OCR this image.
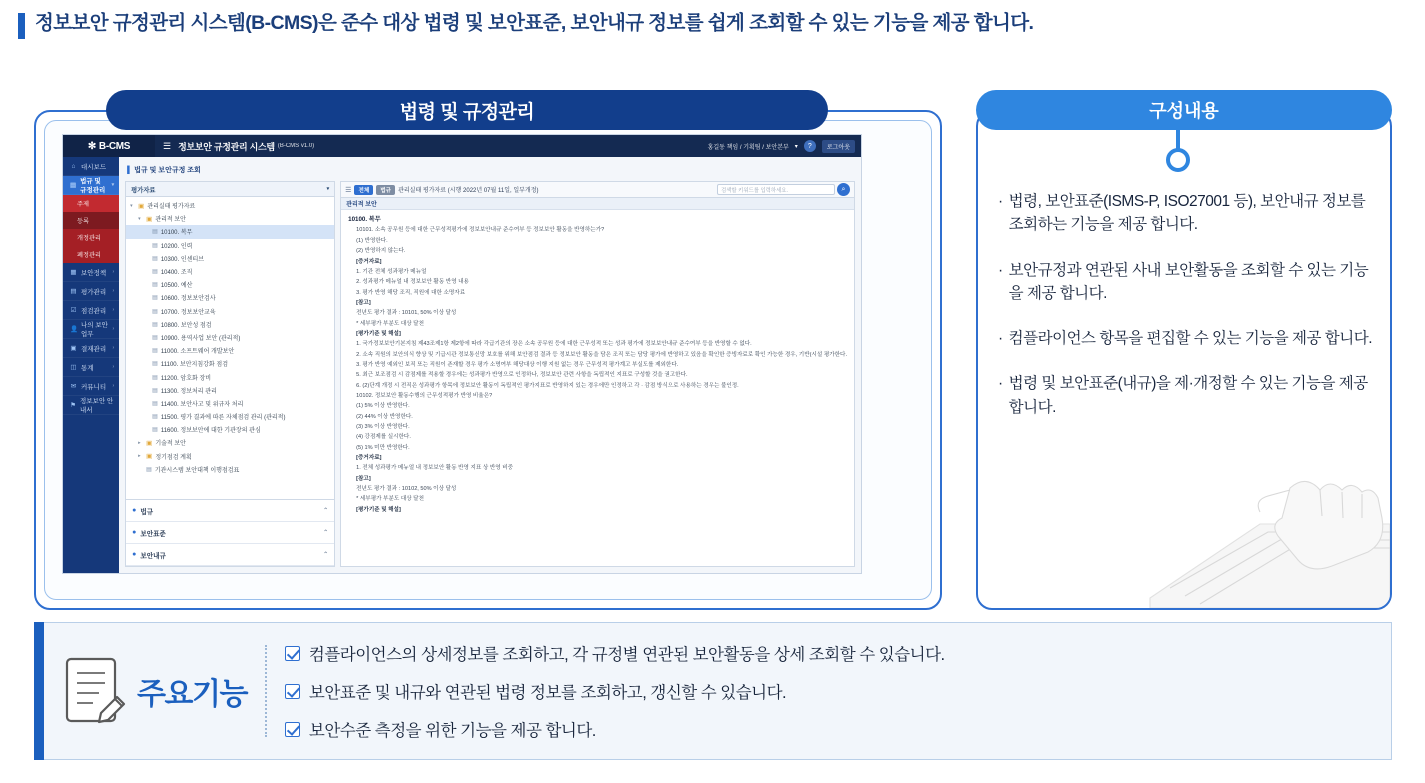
정보보안 규정관리 시스템(B-CMS)은 준수 대상 법령 및 보안표준, 보안내규 정보를 쉽게 조회할 수 있는 기능을 제공 합니다.
법령 및 규정관리
✻ B-CMS	☰ 정보보안 규정관리 시스템 (B-CMS v1.0)	홍길동 책임 / 기획팀 / 보안본부 ▾	?	로그아웃
⌂ 대시보드
▤
법규 및 규정관리
▾
주제
등록
개정관리
폐정관리
▦ 보안정책 ›
▤ 평가관리 ›
☑ 점검관리 ›
👤
나의 보안업무
›
▣ 결재관리 ›
◫ 통계	›
✉ 커뮤니티 ›
⚑
정보보안 안내서
▌ 법규 및 보안규정 조회
평가자료	▾
▾ ▣ 관리실태 평가자료
▾ ▣ 관리적 보안
▤ 10100. 복무
▤ 10200. 인력
▤ 10300. 인센티브
▤ 10400. 조직
▤ 10500. 예산
▤ 10600. 정보보안검사
▤ 10700. 정보보안교육
▤ 10800. 보안성 점검
▤ 10900. 용역사업 보안 (관리적)
▤ 11000. 소프트웨어 개발보안
▤ 11100. 보안지침강화 점검
▤ 11200. 암호화 장비
▤ 11300. 정보처리 관리
▤ 11400. 보안사고 및 위규자 처리
▤ 11500. 평가 결과에 따른 자체점검 관리 (관리적)
▤ 11600. 정보보안에 대한 기관장의 관심
▸ ▣ 기술적 보안
▸ ▣ 정기점검 계획
▤ 기관시스템 보안대책 이행점검표
● 법규	⌃
● 보안표준	⌃
● 보안내규	⌃
☰	전체	법규	관리실태 평가자료 (시행 2022년 07월 11일, 일부개정)	검색할 키워드를 입력하세요.	⌕
관리적 보안

10100. 복무

10101. 소속 공무원 등에 대한 근무성적평가에 정보보안내규 준수여부 등 정보보안 활동을 반영하는가?

(1) 반영한다.

(2) 반영하지 않는다.

[증거자료]

1. 기관 전체 성과평가 메뉴얼

2. 성과평가 메뉴얼 내 정보보안 활동 반영 내용

3. 평가 반영 해당 조직, 직원에 대한 소명자료

[참고]

전년도 평가 결과 : 10101, 50% 이상 달성

* 세부평가 부분도 대상 달천

[평가기준 및 해설]

1. 국가정보보안기본지침 제43조제1항 제2항에 따라 각급기관의 장은 소속 공무원 등에 대한 근무성적 또는 성과 평가에 정보보안내규 준수여부 등을 반영할 수 없다.

2. 소속 직원의 보안의식 향상 및 기급시관 정보통신망 보호를 위해 보안점검 결과 등 정보보안 활동을 담은 조직 또는 담당 평가에 반영하고 있음을 확인한 증빙자료로 확인 가능한 경우, 기반(시설 평가한다.

3. 평가 반영 예외인 보직 또는 직원이 존재할 경우 평가 소명여부 해당대상 이행 지원 없는 경우 근무성적 평가계고 부실도를 제외한다.

5. 최근 보조점검 시 감점제를 적용할 경우에는 성과평가 반영으로 인정하나, 정보보안 관련 사항을 독립적인 지표로 구성할 것을 권고한다.

6. (2)단계 개정 시 전직은 성과평가 항목에 정보보안 활동이 독립적인 평가지표로 반영하지 있는 경우에만 인정하고 각 · 감점 방식으로 사용하는 경우는 불인정.

10102. 정보보안 활동수행의 근무성적평가 반영 비율은?

(1) 5% 이상 반영한다.

(2) 44% 이상 반영한다.

(3) 3% 이상 반영한다.

(4) 강점제를 실시한다.

(5) 1% 미만 반영한다.

[증거자료]

1. 전체 성과평가 메뉴얼 내 정보보안 활동 반영 지표 상 반영 비중

[참고]

전년도 평가 결과 : 10102, 50% 이상 달성

* 세부평가 부분도 대상 달천

[평가기준 및 해설]

· 법령, 보안표준(ISMS-P, ISO27001 등), 보안내규 정보를 조회하는 기능을 제공 합니다.
· 보안규정과 연관된 사내 보안활동을 조회할 수 있는 기능을 제공 합니다.
· 컴플라이언스 항목을 편집할 수 있는 기능을 제공 합니다.
· 법령 및 보안표준(내규)을 제·개정할 수 있는 기능을 제공 합니다.
구성내용
주요기능
컴플라이언스의 상세정보를 조회하고, 각 규정별 연관된 보안활동을 상세 조회할 수 있습니다.
보안표준 및 내규와 연관된 법령 정보를 조회하고, 갱신할 수 있습니다.
보안수준 측정을 위한 기능을 제공 합니다.
